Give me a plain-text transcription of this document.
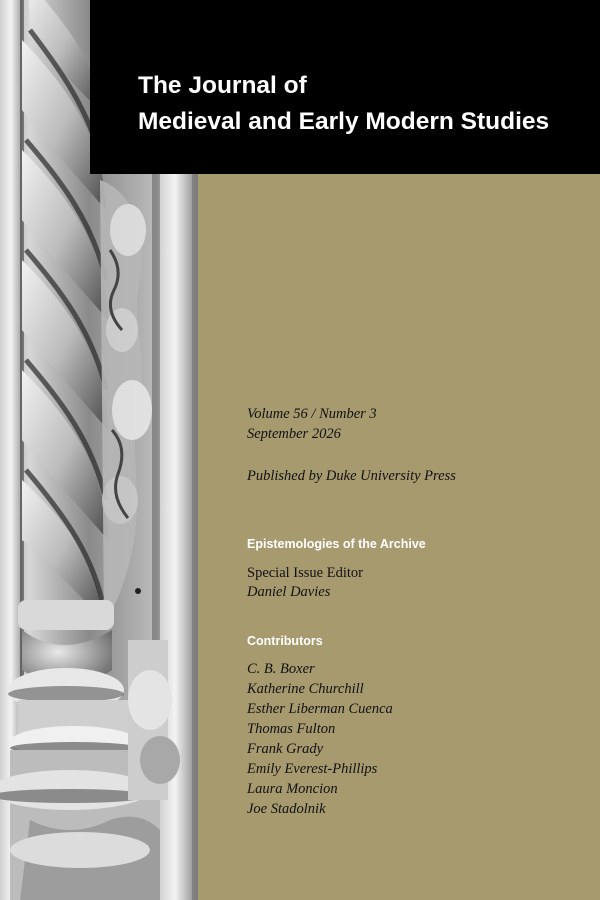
The Journal of
Medieval and Early Modern Studies
Volume 56 / Number 3
September 2026
Published by Duke University Press
Epistemologies of the Archive
Special Issue Editor
Daniel Davies
Contributors
C. B. Boxer
Katherine Churchill
Esther Liberman Cuenca
Thomas Fulton
Frank Grady
Emily Everest-Phillips
Laura Moncion
Joe Stadolnik
